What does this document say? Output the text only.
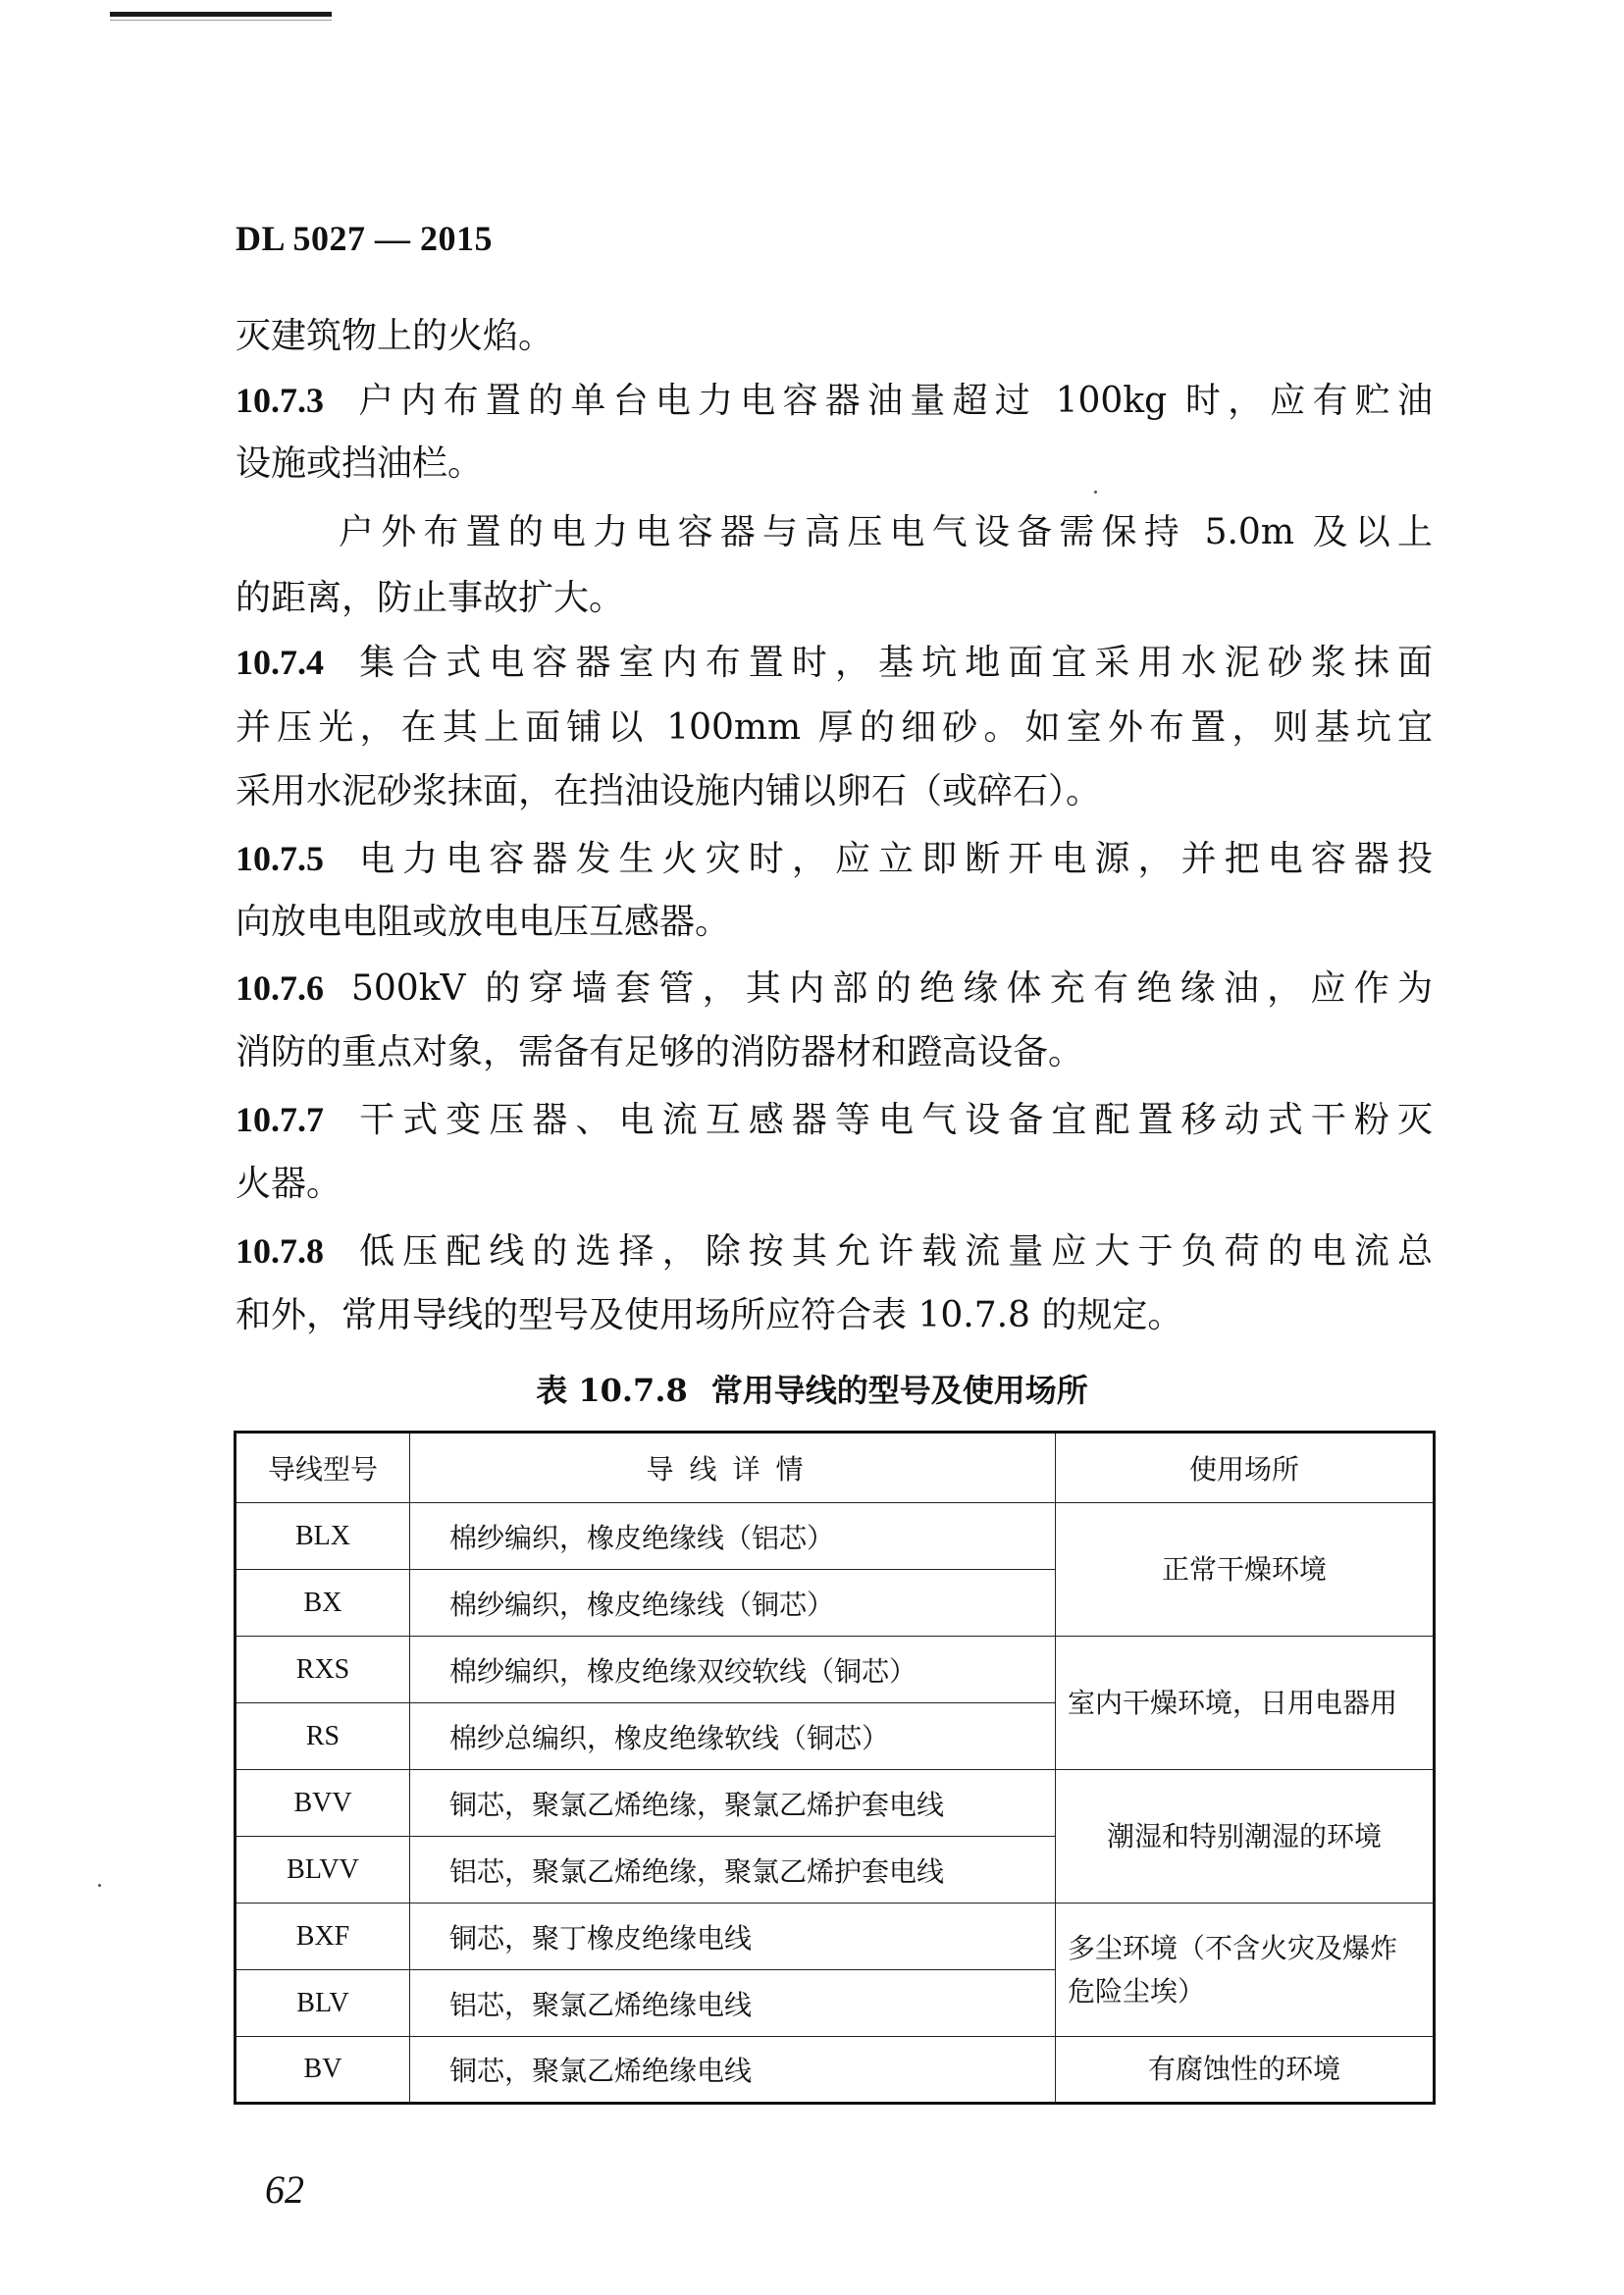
DL 5027 — 2015
灭建筑物上的火焰。
10.7.3 户内布置的单台电力电容器油量超过 100kg 时，应有贮油
设施或挡油栏。
户外布置的电力电容器与高压电气设备需保持 5.0m 及以上
的距离，防止事故扩大。
10.7.4 集合式电容器室内布置时，基坑地面宜采用水泥砂浆抹面
并压光，在其上面铺以 100mm 厚的细砂。如室外布置，则基坑宜
采用水泥砂浆抹面，在挡油设施内铺以卵石（或碎石）。
10.7.5 电力电容器发生火灾时，应立即断开电源，并把电容器投
向放电电阻或放电电压互感器。
10.7.6 500kV 的穿墙套管，其内部的绝缘体充有绝缘油，应作为
消防的重点对象，需备有足够的消防器材和蹬高设备。
10.7.7 干式变压器、电流互感器等电气设备宜配置移动式干粉灭
火器。
10.7.8 低压配线的选择，除按其允许载流量应大于负荷的电流总
和外，常用导线的型号及使用场所应符合表 10.7.8 的规定。
表 10.7.8 常用导线的型号及使用场所
导线型号	导线详情	使用场所
BLX	棉纱编织，橡皮绝缘线（铝芯）	正常干燥环境
BX	棉纱编织，橡皮绝缘线（铜芯）	
RXS	棉纱编织，橡皮绝缘双绞软线（铜芯）	室内干燥环境，日用电器用
RS	棉纱总编织，橡皮绝缘软线（铜芯）	
BVV	铜芯，聚氯乙烯绝缘，聚氯乙烯护套电线	潮湿和特别潮湿的环境
BLVV	铝芯，聚氯乙烯绝缘，聚氯乙烯护套电线	
BXF	铜芯，聚丁橡皮绝缘电线	多尘环境（不含火灾及爆炸危险尘埃）
BLV	铝芯，聚氯乙烯绝缘电线	
BV	铜芯，聚氯乙烯绝缘电线	有腐蚀性的环境
62
